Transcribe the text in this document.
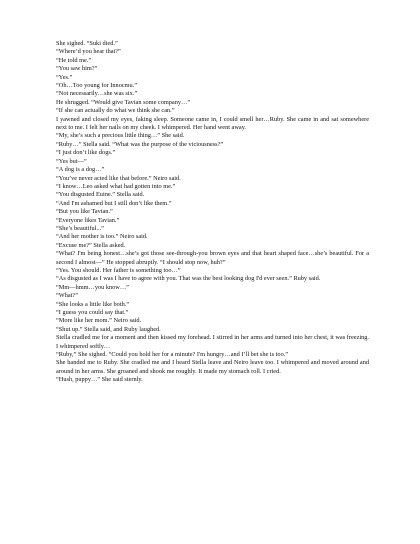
She sighed. “Suki died.”

“Where’d you hear that?”

“He told me.”

“You saw him?”

“Yes.”

“Oh…Too young for Innocmu.”

“Not necessarily…she was six.”

He shrugged. “Would give Tavian some company…”

“If she can actually do what we think she can.”

I yawned and closed my eyes, faking sleep. Someone came in, I could smell her…Ruby. She came in and sat somewhere next to me. I felt her nails on my cheek. I whimpered. Her hand went away.

“My, she’s such a precious little thing…” She said.

“Ruby…” Stella said. “What was the purpose of the viciousness?”

“I just don’t like dogs.”

“Yes but—”

“A dog is a dog…”

“You’ve never acted like that before.” Neiro said.

“I know…Leo asked what had gotten into me.”

“You disgusted Euine.” Stella said.

“And I'm ashamed but I still don’t like them.”

“But you like Tavian.”

“Everyone likes Tavian.”

“She’s beautiful...”

“And her mother is too.” Neiro said.

“Excuse me?” Stella asked.

“What? I'm being honest…she’s got those see-through-you brown eyes and that heart shaped face…she’s beautiful. For a second I almost—” He stopped abruptly. “I should stop now, huh?”

“Yes. You should. Her father is something too…”

“As disgusted as I was I have to agree with you. That was the best looking dog I'd ever seen.” Ruby said.

“Mm—hmm…you know…”

“What?”

“She looks a little like both.”

“I guess you could say that.”

“More like her mom.” Neiro said.

“Shut up.” Stella said, and Ruby laughed.

Stella cradled me for a moment and then kissed my forehead. I stirred in her arms and turned into her chest, it was freezing. I whimpered softly…

“Ruby,” She sighed. “Could you hold her for a minute? I'm hungry…and I’ll bet she is too.”

She handed me to Ruby. She cradled me and I heard Stella leave and Neiro leave too. I whimpered and moved around and around in her arms. She groaned and shook me roughly. It made my stomach roll. I cried.

“Hush, puppy…” She said sternly.
